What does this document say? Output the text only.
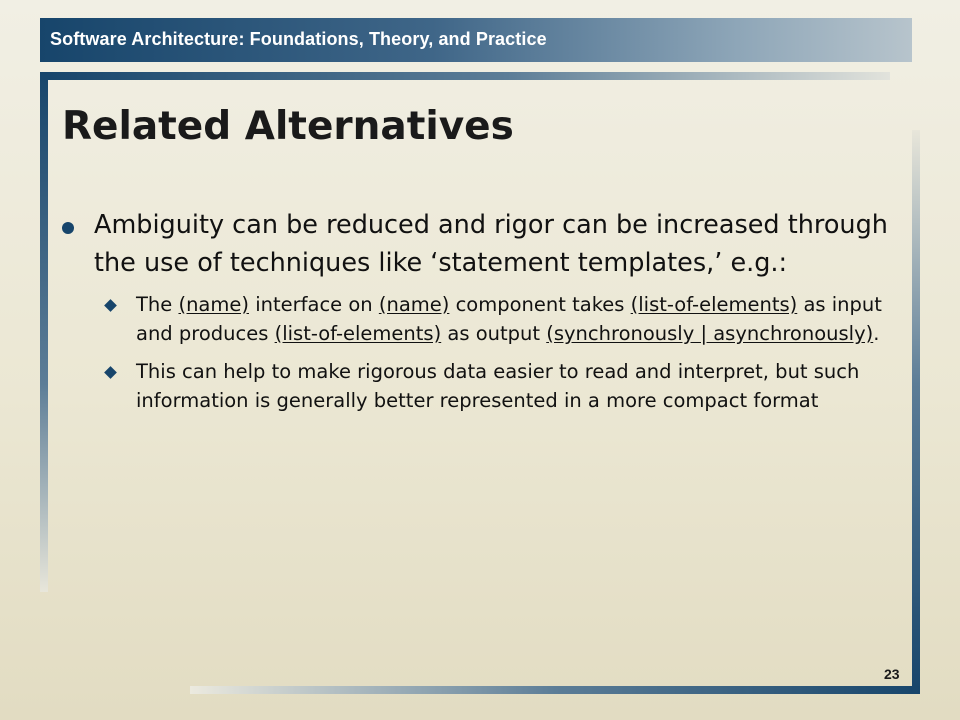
Software Architecture: Foundations, Theory, and Practice
Related Alternatives
Ambiguity can be reduced and rigor can be increased through the use of techniques like ‘statement templates,’ e.g.:
The (name) interface on (name) component takes (list-of-elements) as input and produces (list-of-elements) as output (synchronously | asynchronously).
This can help to make rigorous data easier to read and interpret, but such information is generally better represented in a more compact format
23
